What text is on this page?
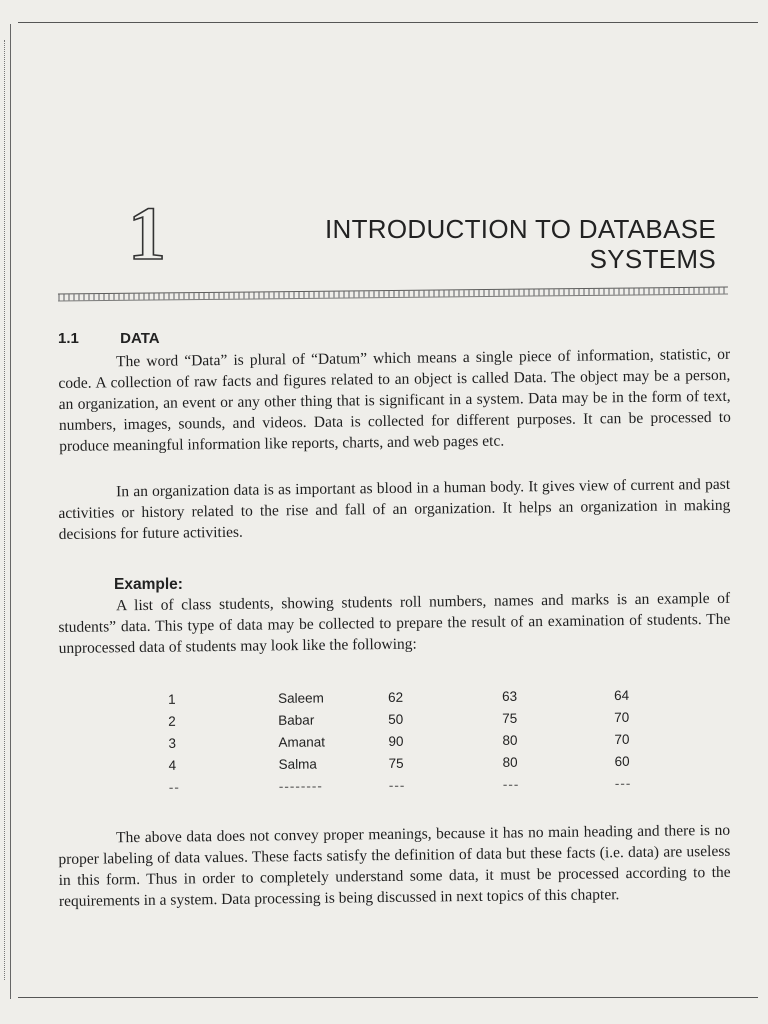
1	INTRODUCTION TO DATABASE
SYSTEMS
1.1	DATA
The word “Data” is plural of “Datum” which means a single piece of information, statistic, or code. A collection of raw facts and figures related to an object is called Data. The object may be a person, an organization, an event or any other thing that is significant in a system. Data may be in the form of text, numbers, images, sounds, and videos. Data is collected for different purposes. It can be processed to produce meaningful information like reports, charts, and web pages etc.
In an organization data is as important as blood in a human body. It gives view of current and past activities or history related to the rise and fall of an organization. It helps an organization in making decisions for future activities.
Example:
A list of class students, showing students roll numbers, names and marks is an example of students” data. This type of data may be collected to prepare the result of an examination of students. The unprocessed data of students may look like the following:
1	Saleem	62	63	64
2	Babar	50	75	70
3	Amanat	90	80	70
4	Salma	75	80	60
--	--------	---	---	---
The above data does not convey proper meanings, because it has no main heading and there is no proper labeling of data values. These facts satisfy the definition of data but these facts (i.e. data) are useless in this form. Thus in order to completely understand some data, it must be processed according to the requirements in a system. Data processing is being discussed in next topics of this chapter.
